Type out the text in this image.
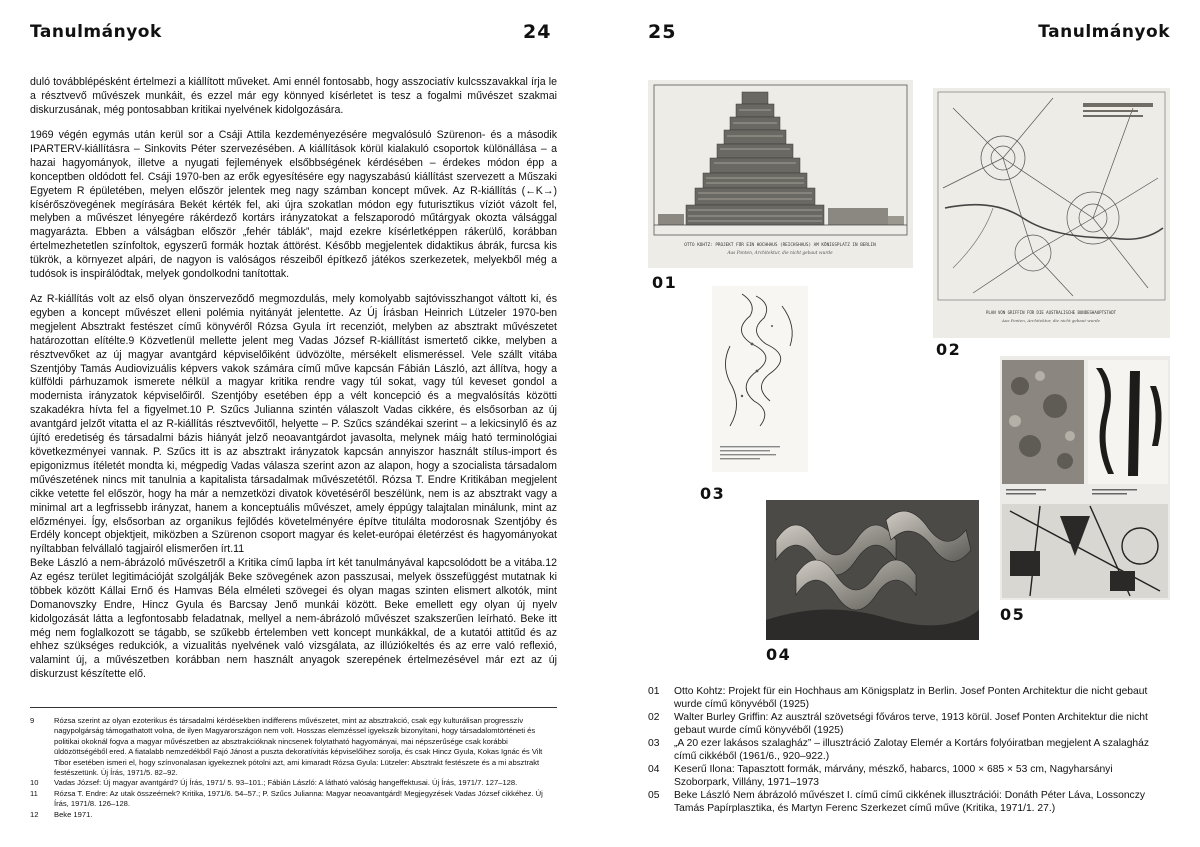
Tanulmányok	24	25	Tanulmányok

duló továbblépésként értelmezi a kiállított műveket. Ami ennél fontosabb, hogy asszociatív kulcsszavakkal írja le a résztvevő művészek munkáit, és ezzel már egy könnyed kísérletet is tesz a fogalmi művészet szakmai diskurzusának, még pontosabban kritikai nyelvének kidolgozására.

1969 végén egymás után kerül sor a Csáji Attila kezdeményezésére megvalósuló Szürenon- és a második IPARTERV-kiállításra – Sinkovits Péter szervezésében. A kiállítások körül kialakuló csoportok különállása – a hazai hagyományok, illetve a nyugati fejlemények elsőbbségének kérdésében – érdekes módon épp a konceptben oldódott fel. Csáji 1970-ben az erők egyesítésére egy nagyszabású kiállítást szervezett a Műszaki Egyetem R épületében, melyen először jelentek meg nagy számban koncept művek. Az R-kiállítás (←K→) kísérőszövegének megírására Bekét kérték fel, aki újra szokatlan módon egy futurisztikus víziót vázolt fel, melyben a művészet lényegére rákérdező kortárs irányzatokat a felszaporodó műtárgyak okozta válsággal magyarázta. Ebben a válságban először „fehér táblák”, majd ezekre kísérletképpen rákerülő, korábban értelmezhetetlen színfoltok, egyszerű formák hoztak áttörést. Később megjelentek didaktikus ábrák, furcsa kis tükrök, a környezet alpári, de nagyon is valóságos részeiből építkező játékos szerkezetek, melyekből még a tudósok is inspirálódtak, melyek gondolkodni tanítottak.

Az R-kiállítás volt az első olyan önszerveződő megmozdulás, mely komolyabb sajtóvisszhangot váltott ki, és egyben a koncept művészet elleni polémia nyitányát jelentette. Az Új Írásban Heinrich Lützeler 1970-ben megjelent Absztrakt festészet című könyvéről Rózsa Gyula írt recenziót, melyben az absztrakt művészetet határozottan elítélte.9 Közvetlenül mellette jelent meg Vadas József R-kiállítást ismertető cikke, melyben a résztvevőket az új magyar avantgárd képviselőiként üdvözölte, mérsékelt elismeréssel. Vele szállt vitába Szentjóby Tamás Audiovizuális képvers vakok számára című műve kapcsán Fábián László, azt állítva, hogy a külföldi párhuzamok ismerete nélkül a magyar kritika rendre vagy túl sokat, vagy túl keveset gondol a modernista irányzatok képviselőiről. Szentjóby esetében épp a vélt koncepció és a megvalósítás közötti szakadékra hívta fel a figyelmet.10 P. Szűcs Julianna szintén válaszolt Vadas cikkére, és elsősorban az új avantgárd jelzőt vitatta el az R-kiállítás résztvevőitől, helyette – P. Szűcs szándékai szerint – a lekicsinylő és az újító eredetiség és társadalmi bázis hiányát jelző neoavantgárdot javasolta, melynek máig ható terminológiai következményei vannak. P. Szűcs itt is az absztrakt irányzatok kapcsán annyiszor használt stílus-import és epigonizmus ítéletét mondta ki, mégpedig Vadas válasza szerint azon az alapon, hogy a szocialista társadalom művészetének nincs mit tanulnia a kapitalista társadalmak művészetétől. Rózsa T. Endre Kritikában megjelent cikke vetette fel először, hogy ha már a nemzetközi divatok követéséről beszélünk, nem is az absztrakt vagy a minimal art a legfrissebb irányzat, hanem a konceptuális művészet, amely éppúgy talajtalan minálunk, mint az előzményei. Így, elsősorban az organikus fejlődés követelményére építve titulálta modorosnak Szentjóby és Erdély koncept objektjeit, miközben a Szürenon csoport magyar és kelet-európai életérzést és hagyományokat nyíltabban felvállaló tagjairól elismerően írt.11

Beke László a nem-ábrázoló művészetről a Kritika című lapba írt két tanulmányával kapcsolódott be a vitába.12 Az egész terület legitimációját szolgálják Beke szövegének azon passzusai, melyek összefüggést mutatnak ki többek között Kállai Ernő és Hamvas Béla elméleti szövegei és olyan magas szinten elismert alkotók, mint Domanovszky Endre, Hincz Gyula és Barcsay Jenő munkái között. Beke emellett egy olyan új nyelv kidolgozását látta a legfontosabb feladatnak, mellyel a nem-ábrázoló művészet szakszerűen leírható. Beke itt még nem foglalkozott se tágabb, se szűkebb értelemben vett koncept munkákkal, de a kutatói attitűd és az ehhez szükséges redukciók, a vizualitás nyelvének való vizsgálata, az illúziókeltés és az erre való reflexió, valamint új, a művészetben korábban nem használt anyagok szerepének értelmezésével már ezt az új diskurzust készítette elő.

9	Rózsa szerint az olyan ezoterikus és társadalmi kérdésekben indifferens művészetet, mint az absztrakció, csak egy kulturálisan progresszív nagypolgárság támogathatott volna, de ilyen Magyarországon nem volt. Hosszas elemzéssel igyekszik bizonyítani, hogy társadalomtörténeti és politikai okoknál fogva a magyar művészetben az absztrakcióknak nincsenek folytatható hagyományai, mai népszerűsége csak korábbi üldözöttségéből ered. A fiatalabb nemzedékből Fajó Jánost a puszta dekoratívitás képviselőihez sorolja, és csak Hincz Gyula, Kokas Ignác és Vilt Tibor esetében ismeri el, hogy színvonalasan igyekeznek pótolni azt, ami kimaradt Rózsa Gyula: Lützeler: Absztrakt festészete és a mi absztrakt festészetünk. Új Írás, 1971/5. 82–92.
10 Vadas József: Új magyar avantgárd? Új Írás, 1971/ 5. 93–101.; Fábián László: A látható valóság hangeffektusai. Új Írás, 1971/7. 127–128.
11 Rózsa T. Endre: Az utak összeérnek? Kritika, 1971/6. 54–57.; P. Szűcs Julianna: Magyar neoavantgárd! Megjegyzések Vadas József cikkéhez. Új Írás, 1971/8. 126–128.
12 Beke 1971.
OTTO KOHTZ: PROJEKT FÜR EIN HOCHHAUS (REICHSHAUS) AM KÖNIGSPLATZ IN BERLIN
Aus Ponten, Architektur, die nicht gebaut wurde
PLAN VON GRIFFIN FÜR DIE AUSTRALISCHE BUNDESHAUPTSTADT
Aus Ponten, Architektur, die nicht gebaut wurde
01
02
03
04
05
01 Otto Kohtz: Projekt für ein Hochhaus am Königsplatz in Berlin. Josef Ponten Architektur die nicht gebaut wurde című könyvéből (1925)
02 Walter Burley Griffin: Az ausztrál szövetségi főváros terve, 1913 körül. Josef Ponten Architektur die nicht gebaut wurde című könyvéből (1925)
03 „A 20 ezer lakásos szalagház” – illusztráció Zalotay Elemér a Kortárs folyóiratban megjelent A szalagház című cikkéből (1961/6., 920–922.)
04 Keserű Ilona: Tapasztott formák, márvány, mészkő, habarcs, 1000 × 685 × 53 cm, Nagyharsányi Szoborpark, Villány, 1971–1973
05 Beke László Nem ábrázoló művészet I. című című cikkének illusztrációi: Donáth Péter Láva, Lossonczy Tamás Papírplasztika, és Martyn Ferenc Szerkezet című műve (Kritika, 1971/1. 27.)
